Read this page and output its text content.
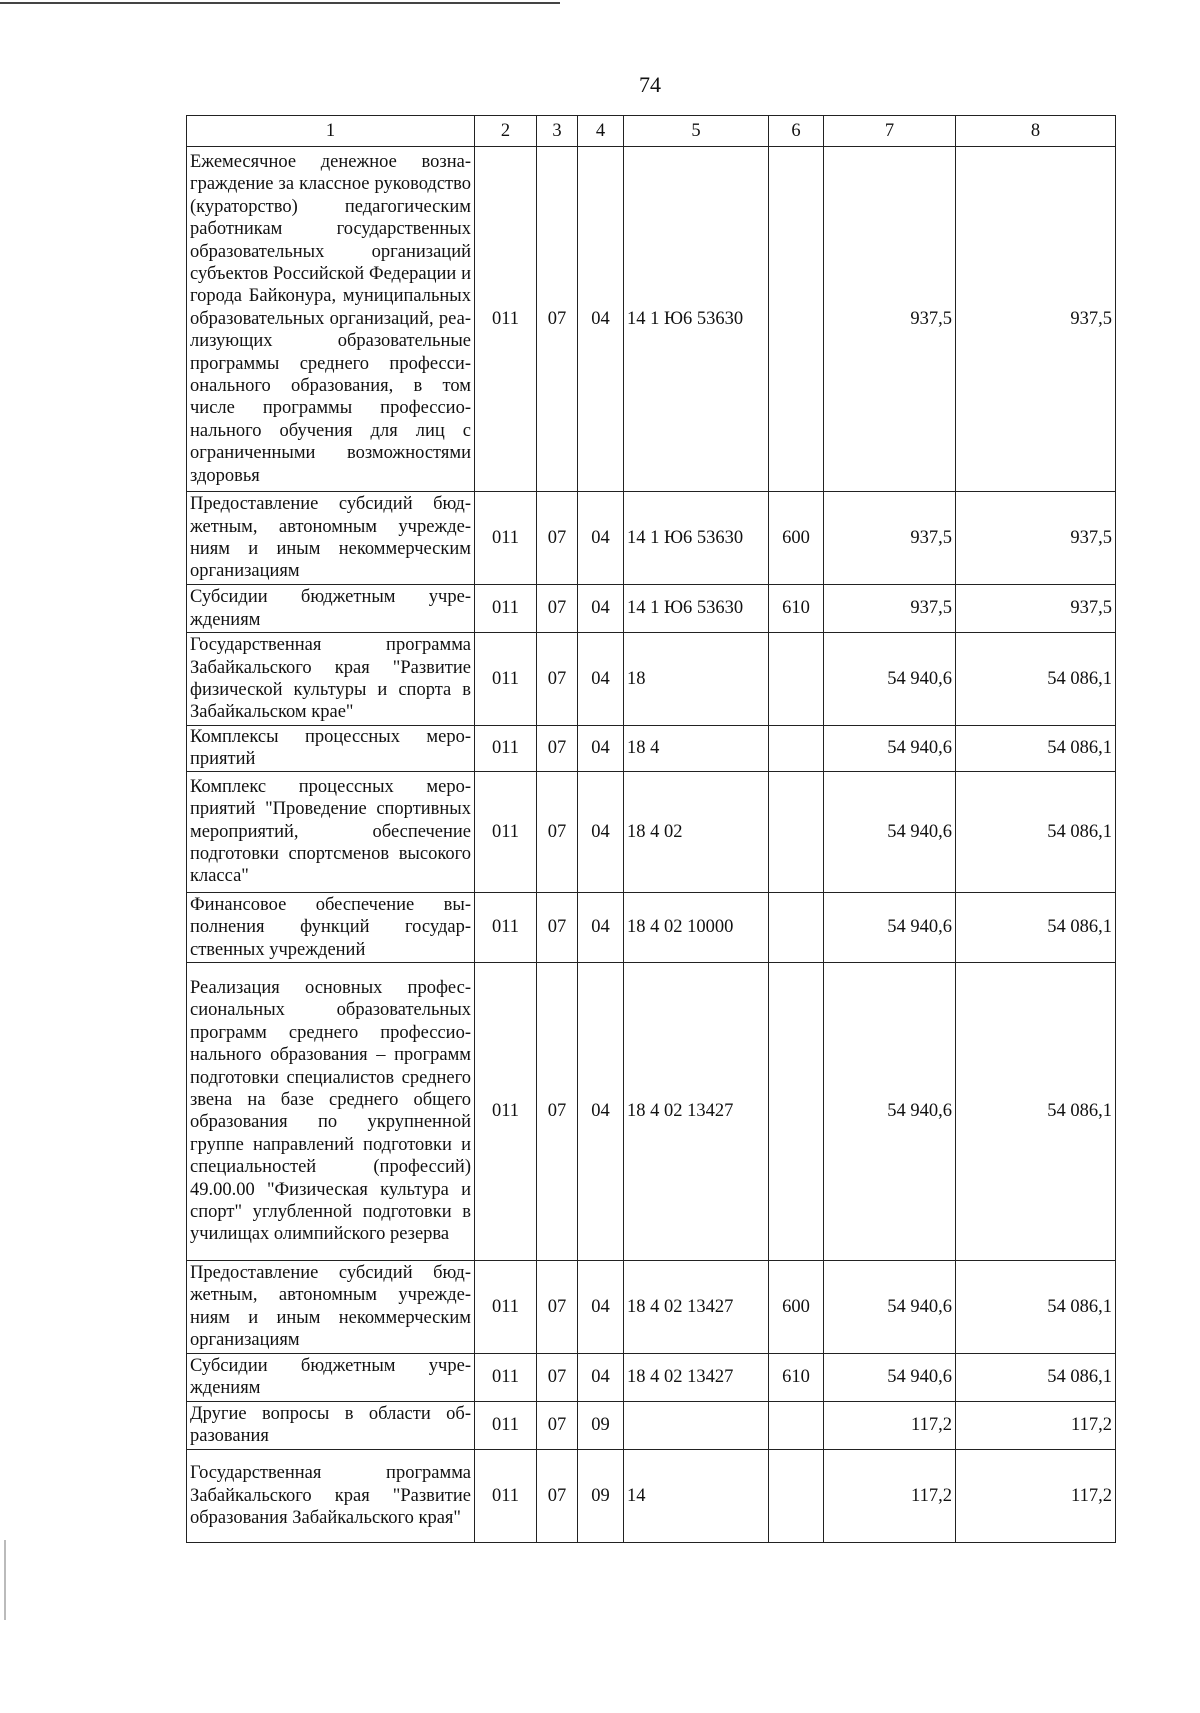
74
1	2	3	4	5	6	7	8
Ежемесячное денежное вознаграждение за классное руководство (кураторство) педагогическим работникам государственных образовательных организаций субъектов Российской Федерации и города Байконура, муниципальных образовательных организаций, реализующих образовательные программы среднего профессионального образования, в том числе программы профессионального обучения для лиц с ограниченными возможностями здоровья	011	07	04	14 1 Ю6 53630		937,5	937,5
Предоставление субсидий бюджетным, автономным учреждениям и иным некоммерческим организациям	011	07	04	14 1 Ю6 53630	600	937,5	937,5
Субсидии бюджетным учреждениям	011	07	04	14 1 Ю6 53630	610	937,5	937,5
Государственная программа Забайкальского края "Развитие физической культуры и спорта в Забайкальском крае"	011	07	04	18		54 940,6	54 086,1
Комплексы процессных мероприятий	011	07	04	18 4		54 940,6	54 086,1
Комплекс процессных мероприятий "Проведение спортивных мероприятий, обеспечение подготовки спортсменов высокого класса"	011	07	04	18 4 02		54 940,6	54 086,1
Финансовое обеспечение выполнения функций государственных учреждений	011	07	04	18 4 02 10000		54 940,6	54 086,1
Реализация основных профессиональных образовательных программ среднего профессионального образования – программ подготовки специалистов среднего звена на базе среднего общего образования по укрупненной группе направлений подготовки и специальностей (профессий) 49.00.00 "Физическая культура и спорт" углубленной подготовки в училищах олимпийского резерва	011	07	04	18 4 02 13427		54 940,6	54 086,1
Предоставление субсидий бюджетным, автономным учреждениям и иным некоммерческим организациям	011	07	04	18 4 02 13427	600	54 940,6	54 086,1
Субсидии бюджетным учреждениям	011	07	04	18 4 02 13427	610	54 940,6	54 086,1
Другие вопросы в области образования	011	07	09			117,2	117,2
Государственная программа Забайкальского края "Развитие образования Забайкальского края"	011	07	09	14		117,2	117,2
